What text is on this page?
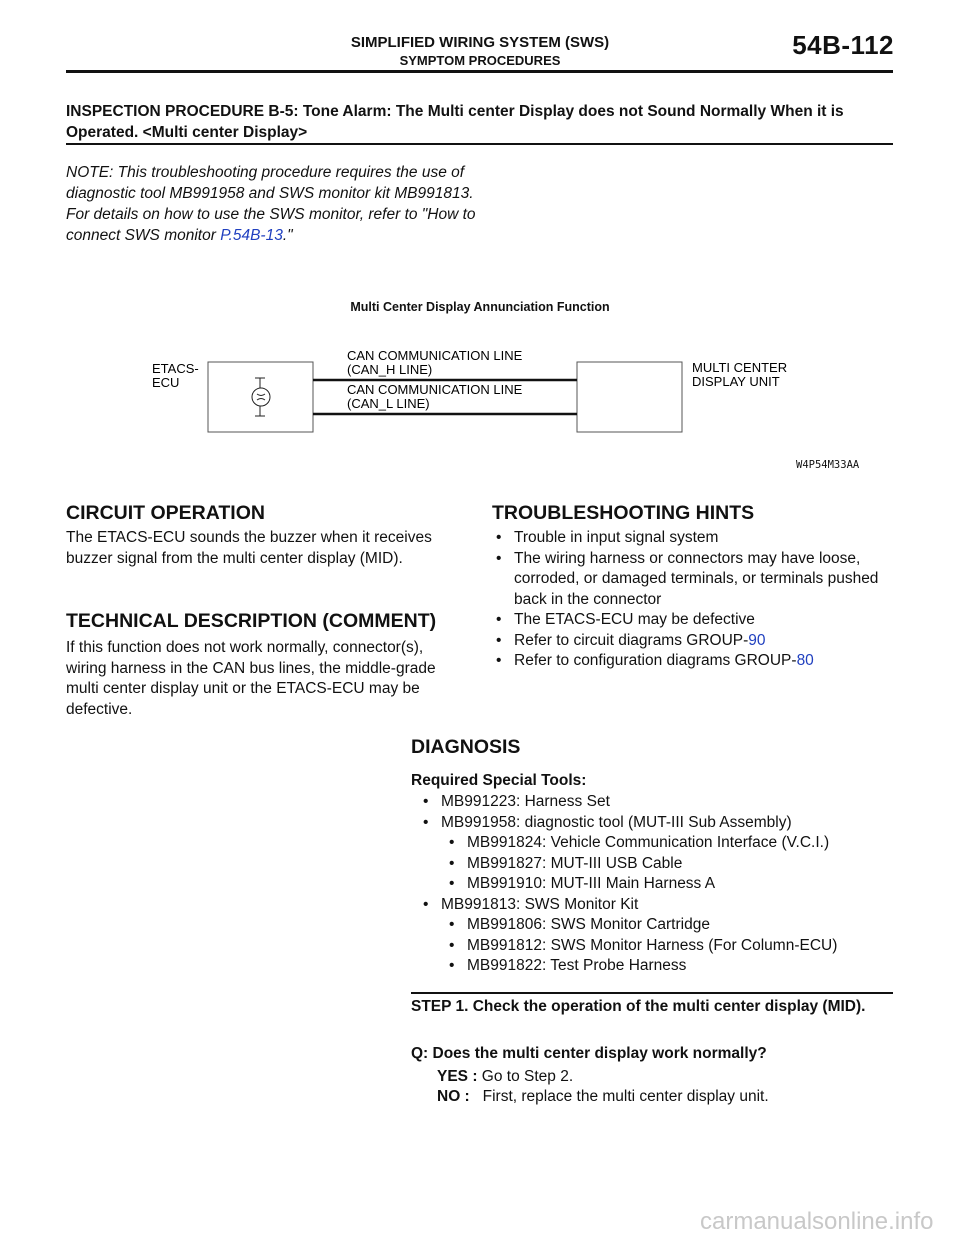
SIMPLIFIED WIRING SYSTEM (SWS)
SYMPTOM PROCEDURES
54B-112
INSPECTION PROCEDURE B-5: Tone Alarm: The Multi center Display does not Sound Normally When it is Operated. <Multi center Display>
NOTE: This troubleshooting procedure requires the use of diagnostic tool MB991958 and SWS monitor kit MB991813. For details on how to use the SWS monitor, refer to "How to connect SWS monitor P.54B-13."
Multi Center Display Annunciation Function
ETACS-
ECU
CAN COMMUNICATION LINE
(CAN_H LINE)
CAN COMMUNICATION LINE
(CAN_L LINE)
MULTI CENTER
DISPLAY UNIT
W4P54M33AA
CIRCUIT OPERATION
The ETACS-ECU sounds the buzzer when it receives buzzer signal from the multi center display (MID).
TECHNICAL DESCRIPTION (COMMENT)
If this function does not work normally, connector(s), wiring harness in the CAN bus lines, the middle-grade multi center display unit or the ETACS-ECU may be defective.
TROUBLESHOOTING HINTS
• Trouble in input signal system
• The wiring harness or connectors may have loose, corroded, or damaged terminals, or terminals pushed back in the connector
• The ETACS-ECU may be defective
• Refer to circuit diagrams GROUP-90
• Refer to configuration diagrams GROUP-80
DIAGNOSIS
Required Special Tools:
• MB991223: Harness Set
• MB991958: diagnostic tool (MUT-III Sub Assembly)
• MB991824: Vehicle Communication Interface (V.C.I.)
• MB991827: MUT-III USB Cable
• MB991910: MUT-III Main Harness A
• MB991813: SWS Monitor Kit
• MB991806: SWS Monitor Cartridge
• MB991812: SWS Monitor Harness (For Column-ECU)
• MB991822: Test Probe Harness
STEP 1. Check the operation of the multi center display (MID).
Q: Does the multi center display work normally?
YES : Go to Step 2.
NO : First, replace the multi center display unit.
carmanualsonline.info
